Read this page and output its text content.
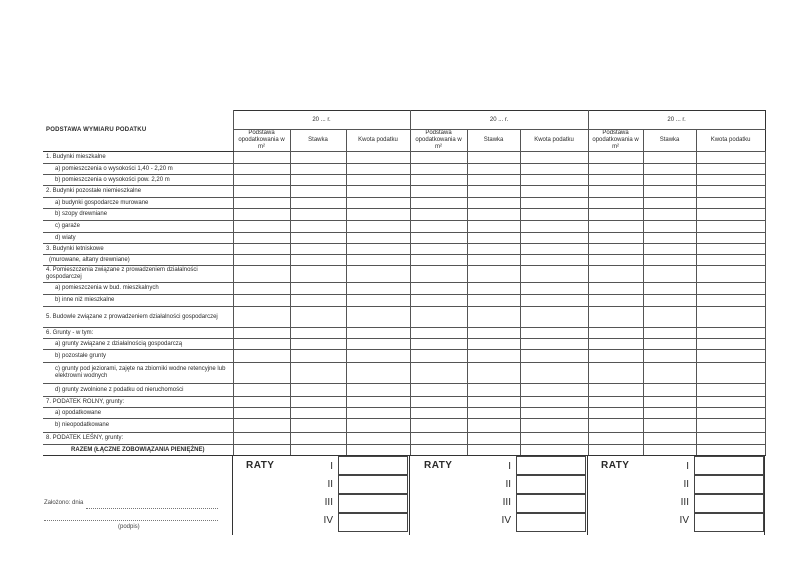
PODSTAWA WYMIARU PODATKU	20 ... r.			20 ... r.			20 ... r.		
	Podstawa opodatkowania w m²	Stawka	Kwota podatku	Podstawa opodatkowania w m²	Stawka	Kwota podatku	Podstawa opodatkowania w m²	Stawka	Kwota podatku
1. Budynki mieszkalne									
a) pomieszczenia o wysokości 1,40 - 2,20 m									
b) pomieszczenia o wysokości pow. 2,20 m									
2. Budynki pozostałe niemieszkalne									
a) budynki gospodarcze murowane									
b) szopy drewniane									
c) garaże									
d) wiaty									
3. Budynki letniskowe									
(murowane, altany drewniane)									
4. Pomieszczenia związane z prowadzeniem działalności gospodarczej									
a) pomieszczenia w bud. mieszkalnych									
b) inne niż mieszkalne									
5. Budowle związane z prowadzeniem działalności gospodarczej									
6. Grunty - w tym:									
a) grunty związane z działalnością gospodarczą									
b) pozostałe grunty									
c) grunty pod jeziorami, zajęte na zbiorniki wodne retencyjne lub elektrowni wodnych									
d) grunty zwolnione z podatku od nieruchomości									
7. PODATEK ROLNY, grunty:									
a) opodatkowane									
b) nieopodatkowane									
8. PODATEK LEŚNY, grunty:									
RAZEM (ŁĄCZNE ZOBOWIĄZANIA PIENIĘŻNE)									
RATY	I
II
III
IV
RATY	I
II
III
IV
RATY	I
II
III
IV
Założono: dnia
(podpis)
